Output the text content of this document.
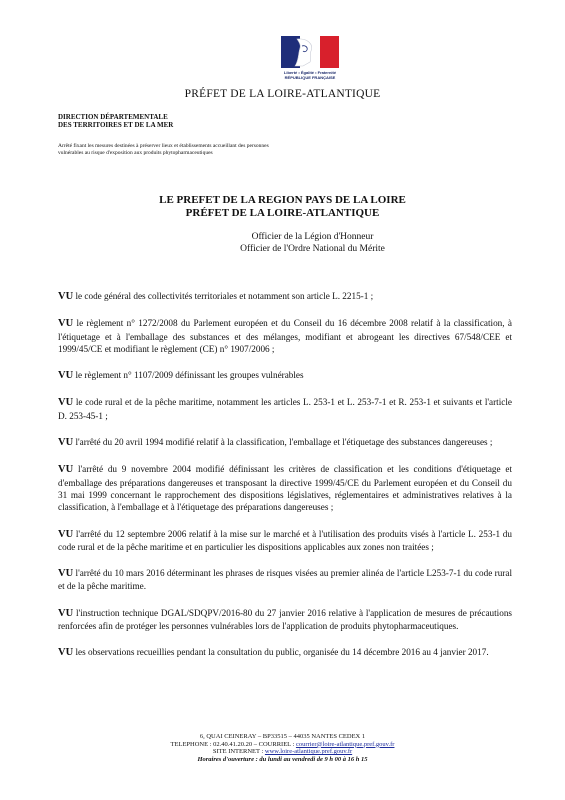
Liberté • Égalité • Fraternité
RÉPUBLIQUE FRANÇAISE
PRÉFET DE LA LOIRE-ATLANTIQUE
DIRECTION DÉPARTEMENTALE
DES TERRITOIRES ET DE LA MER
Arrêté fixant les mesures destinées à préserver lieux et établissements accueillant des personnes vulnérables au risque d'exposition aux produits phytopharmaceutiques
LE PREFET DE LA REGION PAYS DE LA LOIRE
PRÉFET DE LA LOIRE-ATLANTIQUE
Officier de la Légion d'Honneur
Officier de l'Ordre National du Mérite

VU le code général des collectivités territoriales et notamment son article L. 2215-1 ;

VU le règlement n° 1272/2008 du Parlement européen et du Conseil du 16 décembre 2008 relatif à la classification, à l'étiquetage et à l'emballage des substances et des mélanges, modifiant et abrogeant les directives 67/548/CEE et 1999/45/CE et modifiant le règlement (CE) n° 1907/2006 ;

VU le règlement n° 1107/2009 définissant les groupes vulnérables

VU le code rural et de la pêche maritime, notamment les articles L. 253-1 et L. 253-7-1 et R. 253-1 et suivants et l'article D. 253-45-1 ;

VU l'arrêté du 20 avril 1994 modifié relatif à la classification, l'emballage et l'étiquetage des substances dangereuses ;

VU l'arrêté du 9 novembre 2004 modifié définissant les critères de classification et les conditions d'étiquetage et d'emballage des préparations dangereuses et transposant la directive 1999/45/CE du Parlement européen et du Conseil du 31 mai 1999 concernant le rapprochement des dispositions législatives, réglementaires et administratives relatives à la classification, à l'emballage et à l'étiquetage des préparations dangereuses ;

VU l'arrêté du 12 septembre 2006 relatif à la mise sur le marché et à l'utilisation des produits visés à l'article L. 253-1 du code rural et de la pêche maritime et en particulier les dispositions applicables aux zones non traitées ;

VU l'arrêté du 10 mars 2016 déterminant les phrases de risques visées au premier alinéa de l'article L253-7-1 du code rural et de la pêche maritime.

VU l'instruction technique DGAL/SDQPV/2016-80 du 27 janvier 2016 relative à l'application de mesures de précautions renforcées afin de protéger les personnes vulnérables lors de l'application de produits phytopharmaceutiques.

VU les observations recueillies pendant la consultation du public, organisée du 14 décembre 2016 au 4 janvier 2017.

6, QUAI CEINERAY – BP33515 – 44035 NANTES CEDEX 1
TELEPHONE : 02.40.41.20.20 – COURRIEL : courrier@loire-atlantique.pref.gouv.fr
SITE INTERNET : www.loire-atlantique.pref.gouv.fr
Horaires d'ouverture : du lundi au vendredi de 9 h 00 à 16 h 15
